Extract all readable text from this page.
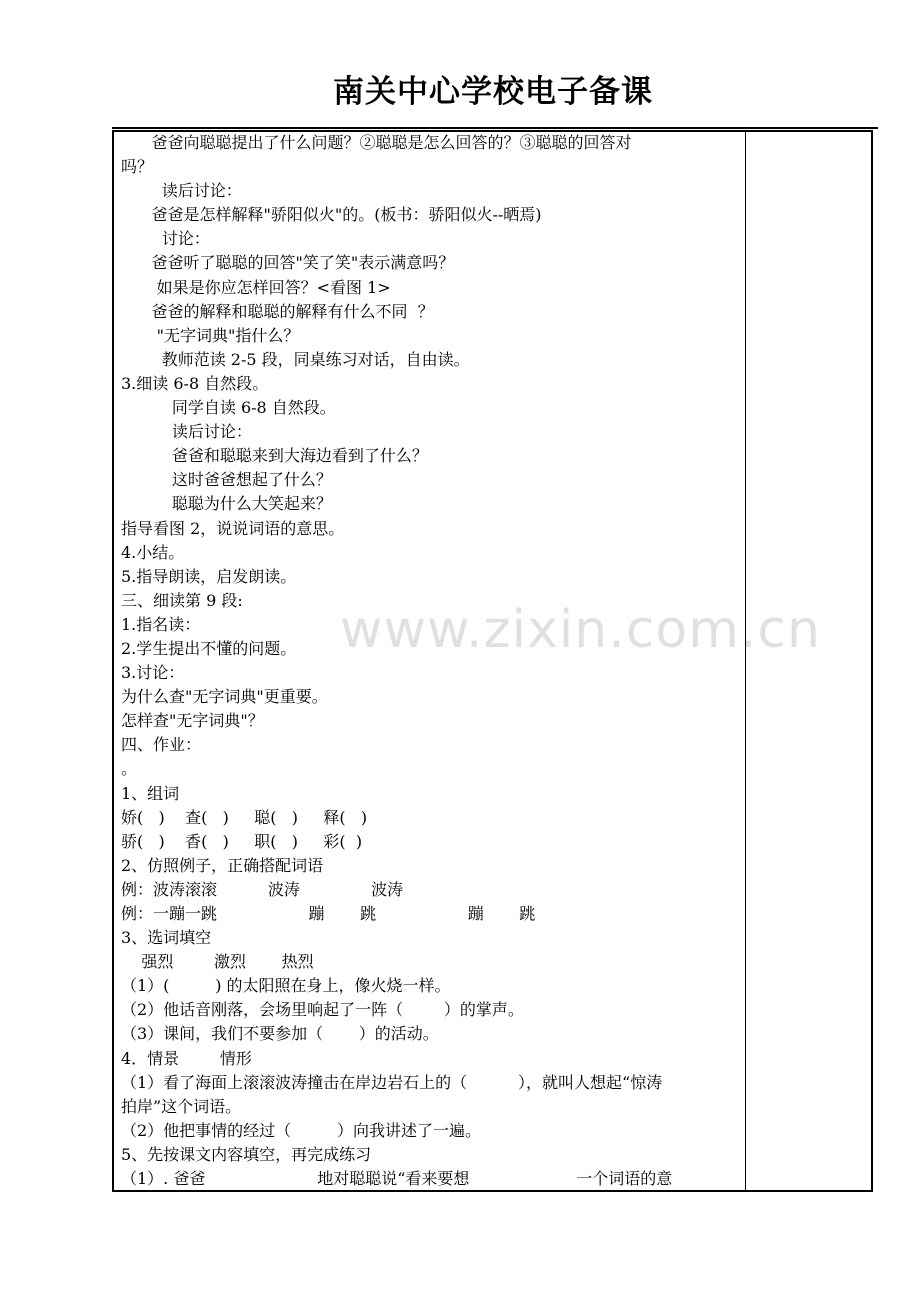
南关中心学校电子备课
www.zixin.com.cn
爸爸向聪聪提出了什么问题？②聪聪是怎么回答的？③聪聪的回答对
吗？
读后讨论：
爸爸是怎样解释"骄阳似火"的。(板书：骄阳似火--晒焉)
讨论：
爸爸听了聪聪的回答"笑了笑"表示满意吗？
如果是你应怎样回答？<看图 1>
爸爸的解释和聪聪的解释有什么不同  ？
"无字词典"指什么？
教师范读 2-5 段，同桌练习对话，自由读。
3.细读 6-8 自然段。
同学自读 6-8 自然段。
读后讨论：
爸爸和聪聪来到大海边看到了什么？
这时爸爸想起了什么？
聪聪为什么大笑起来？
指导看图 2，说说词语的意思。
4.小结。
5.指导朗读，启发朗读。
三、细读第 9 段:
1.指名读：
2.学生提出不懂的问题。
3.讨论：
为什么查"无字词典"更重要。
怎样查"无字词典"？
四、作业：
。
1、组词
娇(   )    查(   )     聪(   )     释(   )
骄(   )    香(   )     职(   )     彩(  )
2、仿照例子，正确搭配词语
例：波涛滚滚          波涛              波涛
例：一蹦一跳                  蹦       跳                  蹦       跳
3、选词填空
强烈        激烈       热烈
（1）(         ) 的太阳照在身上，像火烧一样。
（2）他话音刚落，会场里响起了一阵（        ）的掌声。
（3）课间，我们不要参加（       ）的活动。
4．情景        情形
（1）看了海面上滚滚波涛撞击在岸边岩石上的（          ），就叫人想起“惊涛
拍岸”这个词语。
（2）他把事情的经过（         ）向我讲述了一遍。
5、先按课文内容填空，再完成练习
（1）. 爸爸                      地对聪聪说“看来要想                     一个词语的意
